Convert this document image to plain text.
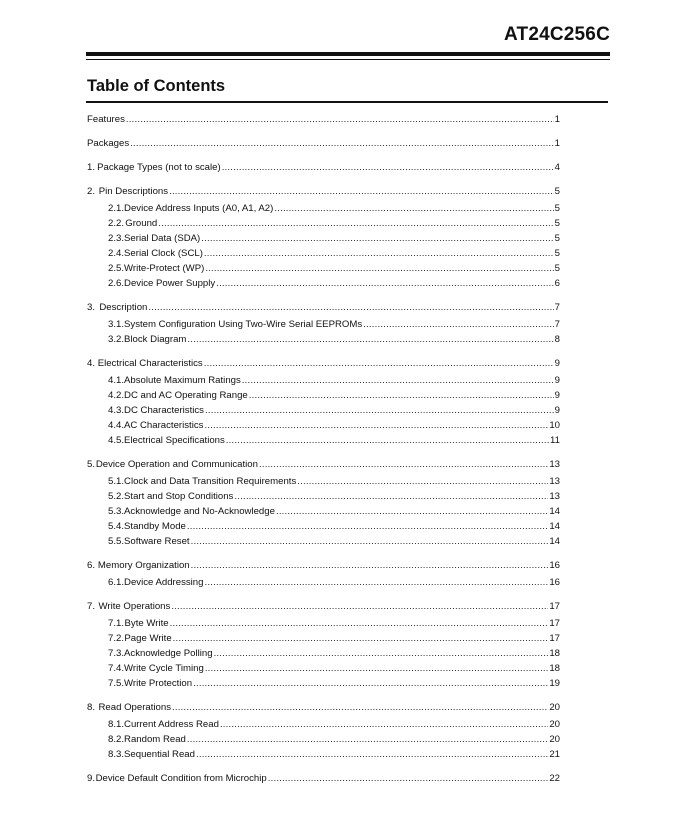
AT24C256C
Table of Contents
Features .....	1
Packages .....	1
1. Package Types (not to scale) .....	4
2. Pin Descriptions .....	5
2.1. Device Address Inputs (A0, A1, A2) .....	5
2.2. Ground .....	5
2.3. Serial Data (SDA) .....	5
2.4. Serial Clock (SCL) .....	5
2.5. Write-Protect (WP) .....	5
2.6. Device Power Supply .....	6
3. Description .....	7
3.1. System Configuration Using Two-Wire Serial EEPROMs .....	7
3.2. Block Diagram .....	8
4. Electrical Characteristics .....	9
4.1. Absolute Maximum Ratings .....	9
4.2. DC and AC Operating Range .....	9
4.3. DC Characteristics .....	9
4.4. AC Characteristics .....	10
4.5. Electrical Specifications .....	11
5. Device Operation and Communication .....	13
5.1. Clock and Data Transition Requirements .....	13
5.2. Start and Stop Conditions .....	13
5.3. Acknowledge and No-Acknowledge .....	14
5.4. Standby Mode .....	14
5.5. Software Reset .....	14
6. Memory Organization .....	16
6.1. Device Addressing .....	16
7. Write Operations .....	17
7.1. Byte Write .....	17
7.2. Page Write .....	17
7.3. Acknowledge Polling .....	18
7.4. Write Cycle Timing .....	18
7.5. Write Protection .....	19
8. Read Operations .....	20
8.1. Current Address Read .....	20
8.2. Random Read .....	20
8.3. Sequential Read .....	21
9. Device Default Condition from Microchip .....	22
